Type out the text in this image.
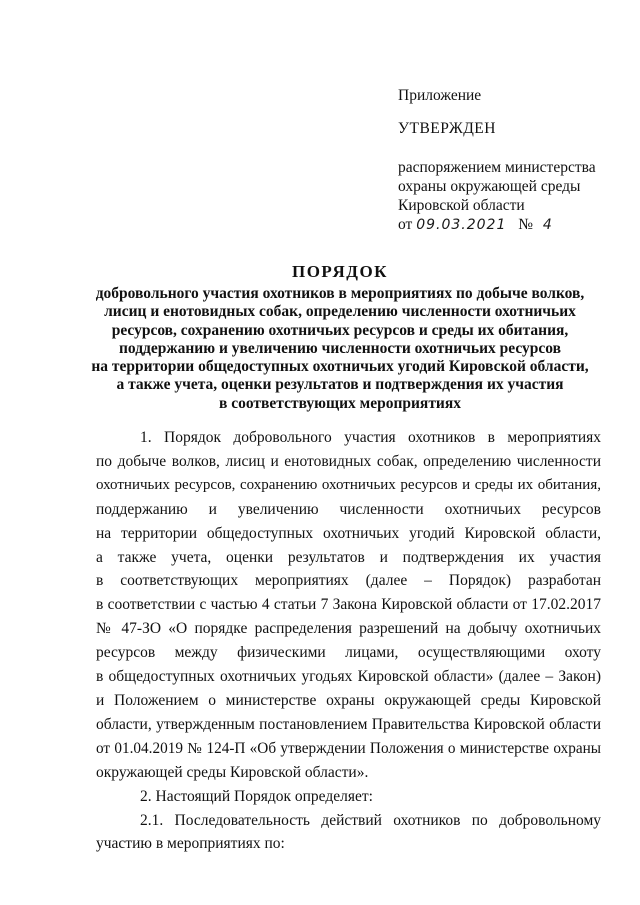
Приложение
УТВЕРЖДЕН
распоряжением министерства
охраны окружающей среды
Кировской области
от 09.03.2021 № 4
ПОРЯДОК
добровольного участия охотников в мероприятиях по добыче волков,
лисиц и енотовидных собак, определению численности охотничьих
ресурсов, сохранению охотничьих ресурсов и среды их обитания,
поддержанию и увеличению численности охотничьих ресурсов
на территории общедоступных охотничьих угодий Кировской области,
а также учета, оценки результатов и подтверждения их участия
в соответствующих мероприятиях
1. Порядок добровольного участия охотников в мероприятиях
по добыче волков, лисиц и енотовидных собак, определению численности
охотничьих ресурсов, сохранению охотничьих ресурсов и среды их обитания,
поддержанию и увеличению численности охотничьих ресурсов
на территории общедоступных охотничьих угодий Кировской области,
а также учета, оценки результатов и подтверждения их участия
в соответствующих мероприятиях (далее – Порядок) разработан
в соответствии с частью 4 статьи 7 Закона Кировской области от 17.02.2017
№ 47-ЗО «О порядке распределения разрешений на добычу охотничьих
ресурсов между физическими лицами, осуществляющими охоту
в общедоступных охотничьих угодьях Кировской области» (далее – Закон)
и Положением о министерстве охраны окружающей среды Кировской
области, утвержденным постановлением Правительства Кировской области
от 01.04.2019 № 124-П «Об утверждении Положения о министерстве охраны
окружающей среды Кировской области».
2. Настоящий Порядок определяет:
2.1. Последовательность действий охотников по добровольному
участию в мероприятиях по:
